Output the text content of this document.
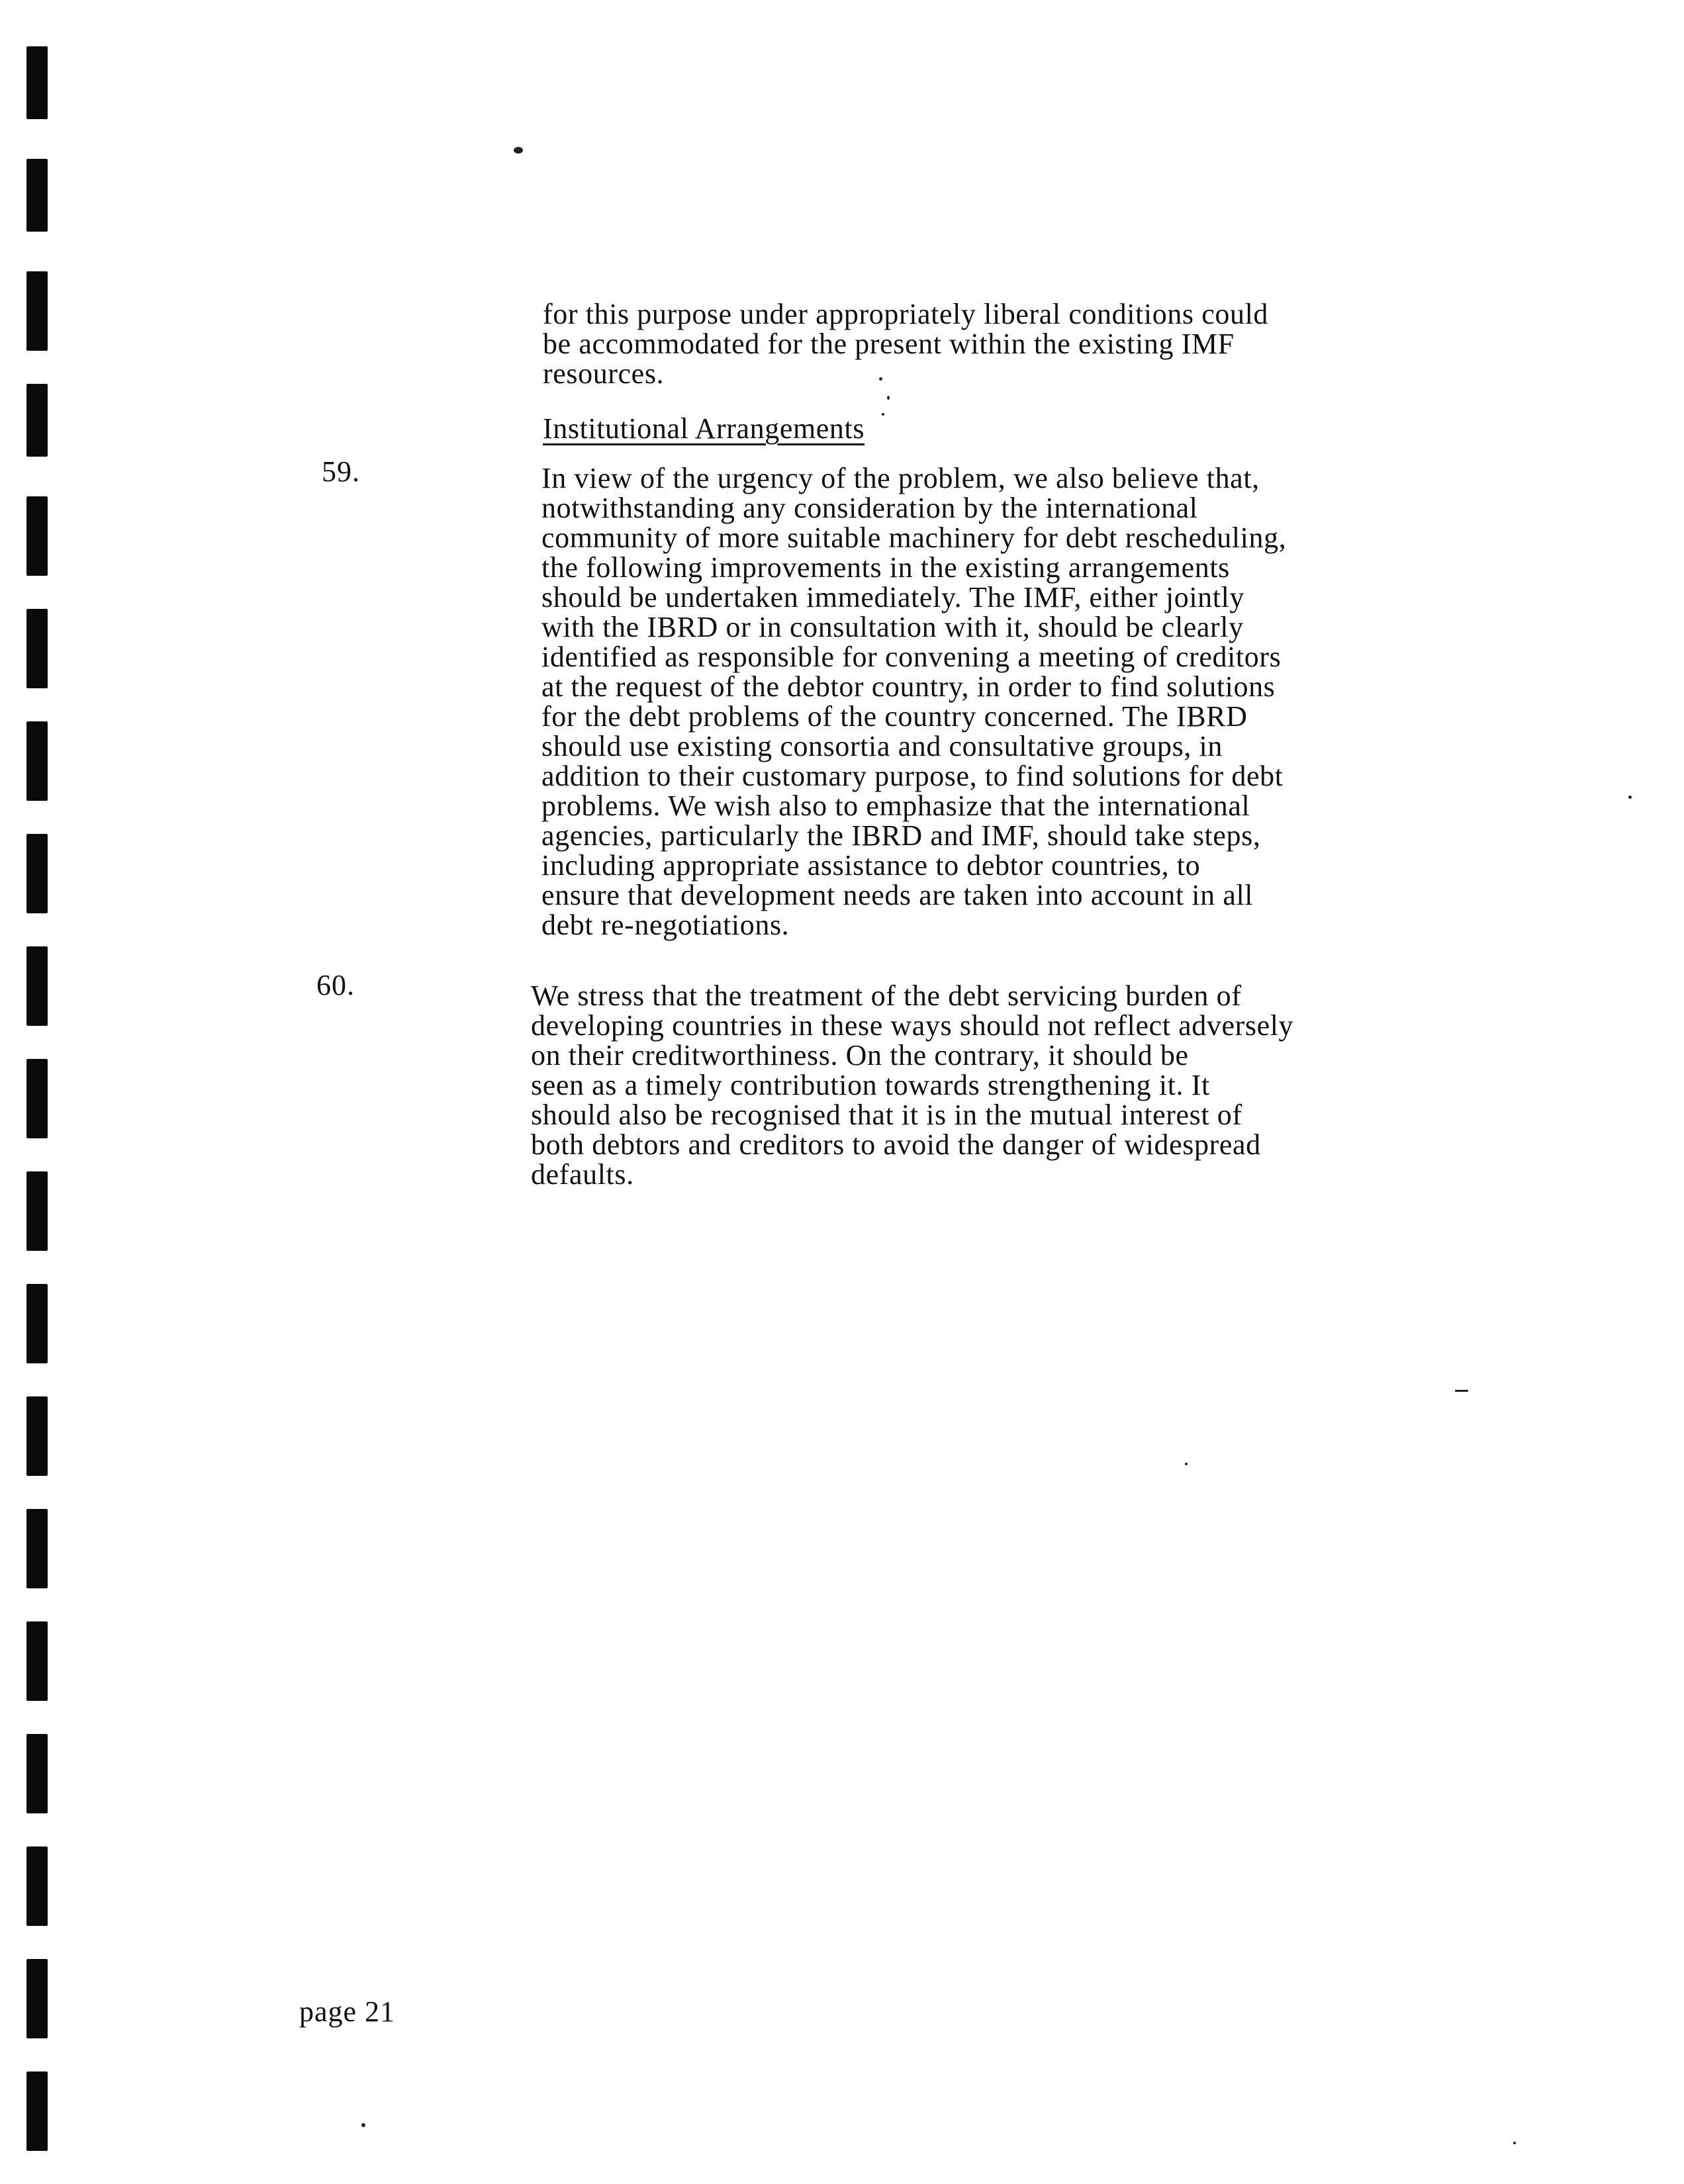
for this purpose under appropriately liberal conditions could
be accommodated for the present within the existing IMF
resources.
Institutional Arrangements
59.	In view of the urgency of the problem, we also believe that,
notwithstanding any consideration by the international
community of more suitable machinery for debt rescheduling,
the following improvements in the existing arrangements
should be undertaken immediately. The IMF, either jointly
with the IBRD or in consultation with it, should be clearly
identified as responsible for convening a meeting of creditors
at the request of the debtor country, in order to find solutions
for the debt problems of the country concerned. The IBRD
should use existing consortia and consultative groups, in
addition to their customary purpose, to find solutions for debt
problems. We wish also to emphasize that the international
agencies, particularly the IBRD and IMF, should take steps,
including appropriate assistance to debtor countries, to
ensure that development needs are taken into account in all
debt re-negotiations.
60.	We stress that the treatment of the debt servicing burden of
developing countries in these ways should not reflect adversely
on their creditworthiness. On the contrary, it should be
seen as a timely contribution towards strengthening it. It
should also be recognised that it is in the mutual interest of
both debtors and creditors to avoid the danger of widespread
defaults.
page 21
